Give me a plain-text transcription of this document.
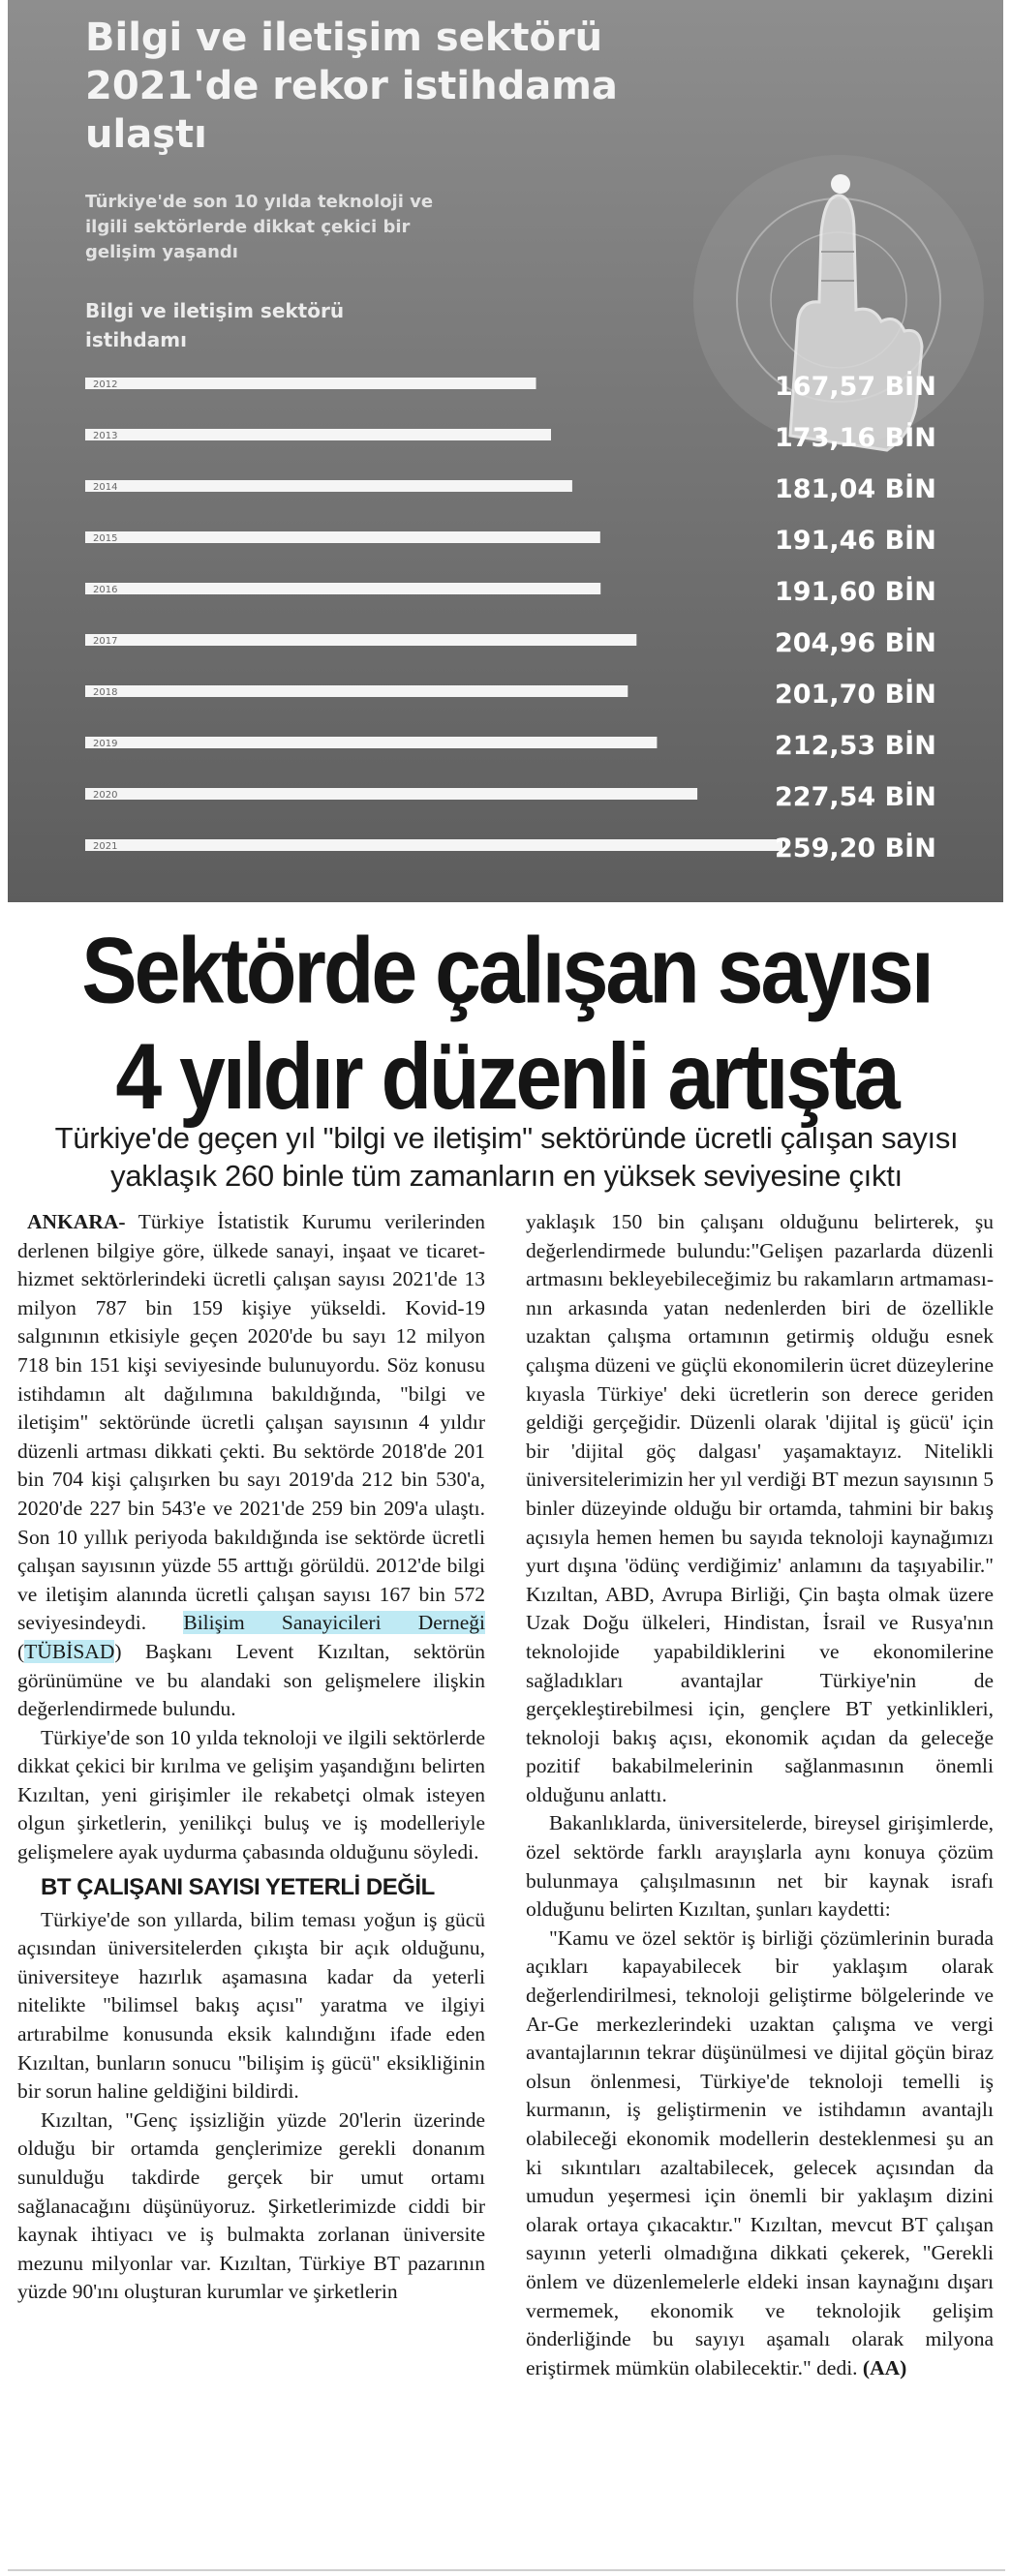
Bilgi ve iletişim sektörü 2021'de rekor istihdama ulaştı
Türkiye'de son 10 yılda teknoloji ve ilgili sektörlerde dikkat çekici bir gelişim yaşandı
Bilgi ve iletişim sektörü istihdamı
2012	167,57 BİN
2013	173,16 BİN
2014	181,04 BİN
2015	191,46 BİN
2016	191,60 BİN
2017	204,96 BİN
2018	201,70 BİN
2019	212,53 BİN
2020	227,54 BİN
2021	259,20 BİN
Sektörde çalışan sayısı
4 yıldır düzenli artışta
Türkiye'de geçen yıl "bilgi ve iletişim" sektöründe ücretli çalışan sayısı yaklaşık 260 binle tüm zamanların en yüksek seviyesine çıktı

ANKARA- Türkiye İstatistik Kurumu verilerinden derlenen bilgiye göre, ülkede sanayi, inşaat ve ticaret-hizmet sektörlerindeki ücretli çalışan sayısı 2021'de 13 milyon 787 bin 159 kişiye yükseldi. Kovid-19 salgınının etkisiyle geçen 2020'de bu sayı 12 milyon 718 bin 151 kişi seviyesinde bulunuyordu. Söz konusu istihdamın alt dağılımına bakıldığında, "bilgi ve iletişim" sektöründe ücretli çalışan sayısının 4 yıldır düzenli artması dikkati çekti. Bu sektörde 2018'de 201 bin 704 kişi çalışırken bu sayı 2019'da 212 bin 530'a, 2020'de 227 bin 543'e ve 2021'de 259 bin 209'a ulaştı. Son 10 yıllık periyoda bakıldığında ise sektörde ücretli çalışan sayısının yüzde 55 arttığı görüldü. 2012'de bilgi ve iletişim alanında ücretli çalışan sayısı 167 bin 572 seviyesindeydi. Bilişim Sanayicileri Derneği (TÜBİSAD) Başkanı Levent Kızıltan, sektörün görünümüne ve bu alandaki son gelişmelere ilişkin değerlendirmede bulundu.

Türkiye'de son 10 yılda teknoloji ve ilgili sektörlerde dikkat çekici bir kırılma ve gelişim yaşandığını belirten Kızıltan, yeni girişimler ile rekabetçi olmak isteyen olgun şirketlerin, yenilikçi buluş ve iş modelleriyle gelişmelere ayak uydurma çabasında olduğunu söyledi.

BT ÇALIŞANI SAYISI YETERLİ DEĞİL

Türkiye'de son yıllarda, bilim teması yoğun iş gücü açısından üniversitelerden çıkışta bir açık olduğunu, üniversiteye hazırlık aşamasına kadar da yeterli nitelikte "bilimsel bakış açısı" yaratma ve ilgiyi artırabilme konusunda eksik kalındığını ifade eden Kızıltan, bunların sonucu "bilişim iş gücü" eksikliğinin bir sorun haline geldiğini bildirdi.

Kızıltan, "Genç işsizliğin yüzde 20'lerin üzerinde olduğu bir ortamda gençlerimize gerekli donanım sunulduğu takdirde gerçek bir umut ortamı sağlanacağını düşünüyoruz. Şirketlerimizde ciddi bir kaynak ihtiyacı ve iş bulmakta zorlanan üniversite mezunu milyonlar var. Kızıltan, Türkiye BT pazarının yüzde 90'ını oluşturan kurumlar ve şirketlerin

yaklaşık 150 bin çalışanı olduğunu belirterek, şu değerlendirmede bulundu:"Gelişen pazarlarda düzenli artmasını bekleyebileceğimiz bu rakamların artmamasının arkasında yatan nedenlerden biri de özellikle uzaktan çalışma ortamının getirmiş olduğu esnek çalışma düzeni ve güçlü ekonomilerin ücret düzeylerine kıyasla Türkiye' deki ücretlerin son derece geriden geldiği gerçeğidir. Düzenli olarak 'dijital iş gücü' için bir 'dijital göç dalgası' yaşamaktayız. Nitelikli üniversitelerimizin her yıl verdiği BT mezun sayısının 5 binler düzeyinde olduğu bir ortamda, tahmini bir bakış açısıyla hemen hemen bu sayıda teknoloji kaynağımızı yurt dışına 'ödünç verdiğimiz' anlamını da taşıyabilir." Kızıltan, ABD, Avrupa Birliği, Çin başta olmak üzere Uzak Doğu ülkeleri, Hindistan, İsrail ve Rusya'nın teknolojide yapabildiklerini ve ekonomilerine sağladıkları avantajlar Türkiye'nin de gerçekleştirebilmesi için, gençlere BT yetkinlikleri, teknoloji bakış açısı, ekonomik açıdan da geleceğe pozitif bakabilmelerinin sağlanmasının önemli olduğunu anlattı.

Bakanlıklarda, üniversitelerde, bireysel girişimlerde, özel sektörde farklı arayışlarla aynı konuya çözüm bulunmaya çalışılmasının net bir kaynak israfı olduğunu belirten Kızıltan, şunları kaydetti:

"Kamu ve özel sektör iş birliği çözümlerinin burada açıkları kapayabilecek bir yaklaşım olarak değerlendirilmesi, teknoloji geliştirme bölgelerinde ve Ar-Ge merkezlerindeki uzaktan çalışma ve vergi avantajlarının tekrar düşünülmesi ve dijital göçün biraz olsun önlenmesi, Türkiye'de teknoloji temelli iş kurmanın, iş geliştirmenin ve istihdamın avantajlı olabileceği ekonomik modellerin desteklenmesi şu an ki sıkıntıları azaltabilecek, gelecek açısından da umudun yeşermesi için önemli bir yaklaşım dizini olarak ortaya çıkacaktır." Kızıltan, mevcut BT çalışan sayının yeterli olmadığına dikkati çekerek, "Gerekli önlem ve düzenlemelerle eldeki insan kaynağını dışarı vermemek, ekonomik ve teknolojik gelişim önderliğinde bu sayıyı aşamalı olarak milyona eriştirmek mümkün olabilecektir." dedi. (AA)
